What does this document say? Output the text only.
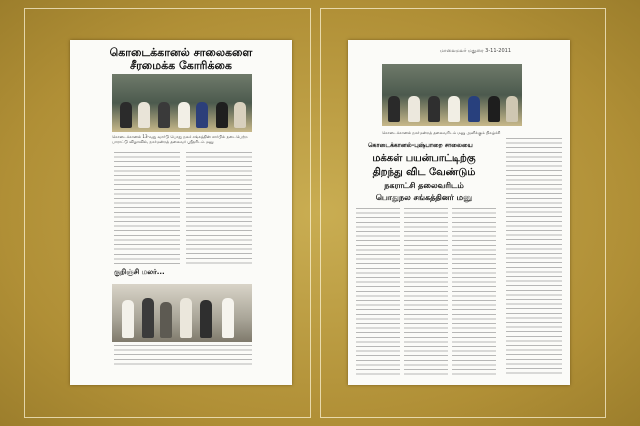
கொடைக்கானல் சாலைகளை
சீரமைக்க கோரிக்கை
கொடைக்கானல் 13-வது வார்டு பொது நலச் சங்கத்தின் சார்பில் நடைபெற்ற பாராட்டு விழாவில், நகர்மன்றத் தலைவர் ஸ்ரீதரிடம் மனு
குறிஞ்சி மலர்...
மாலைமலர் மதுரை 3-11-2011
கொடைக்கானல் நகர்மன்றத் தலைவரிடம் மனு அளிக்கும் நிகழ்ச்சி
கொடைக்கானல்-புஷ்பாறை சாலையை
மக்கள் பயன்பாட்டிற்கு
திறந்து விட வேண்டும்
நகராட்சி தலைவரிடம்
பொதுநல சங்கத்தினர் மனு
